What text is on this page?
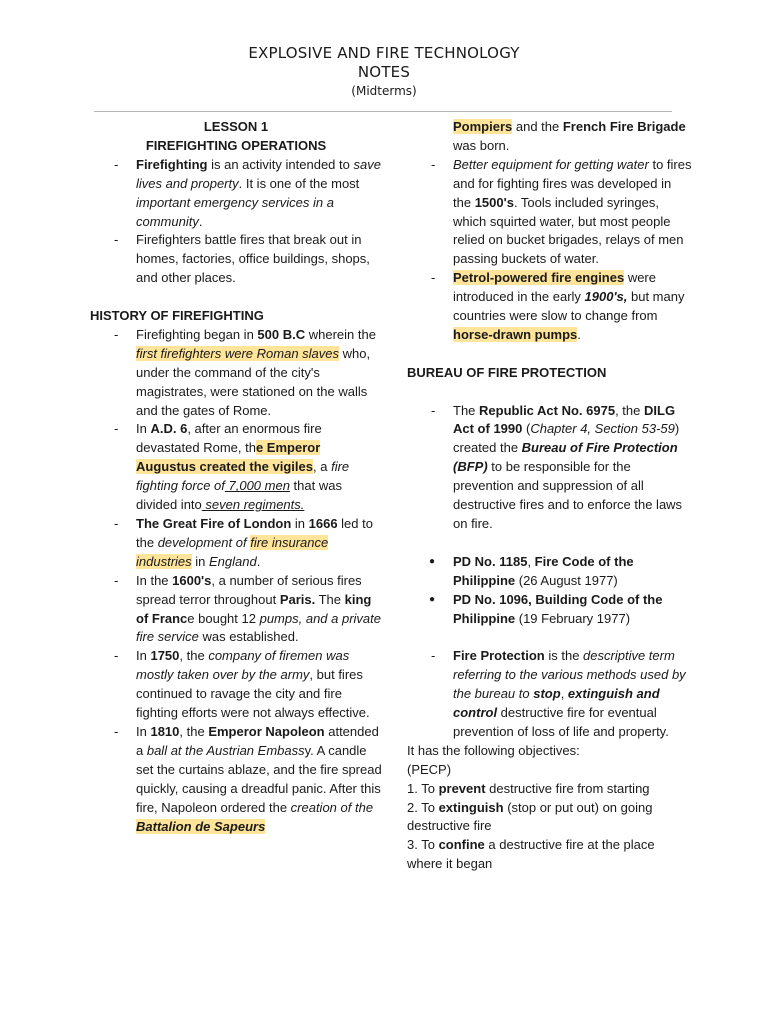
EXPLOSIVE AND FIRE TECHNOLOGY
NOTES
(Midterms)
LESSON 1
FIREFIGHTING OPERATIONS
- Firefighting is an activity intended to save lives and property. It is one of the most important emergency services in a community.
- Firefighters battle fires that break out in homes, factories, office buildings, shops, and other places.
HISTORY OF FIREFIGHTING
- Firefighting began in 500 B.C wherein the first firefighters were Roman slaves who, under the command of the city's magistrates, were stationed on the walls and the gates of Rome.
- In A.D. 6, after an enormous fire devastated Rome, the Emperor Augustus created the vigiles, a fire fighting force of 7,000 men that was divided into seven regiments.
- The Great Fire of London in 1666 led to the development of fire insurance industries in England.
- In the 1600's, a number of serious fires spread terror throughout Paris. The king of France bought 12 pumps, and a private fire service was established.
- In 1750, the company of firemen was mostly taken over by the army, but fires continued to ravage the city and fire fighting efforts were not always effective.
- In 1810, the Emperor Napoleon attended a ball at the Austrian Embassy. A candle set the curtains ablaze, and the fire spread quickly, causing a dreadful panic. After this fire, Napoleon ordered the creation of the Battalion de Sapeurs
Pompiers and the French Fire Brigade was born.
- Better equipment for getting water to fires and for fighting fires was developed in the 1500's. Tools included syringes, which squirted water, but most people relied on bucket brigades, relays of men passing buckets of water.
- Petrol-powered fire engines were introduced in the early 1900's, but many countries were slow to change from horse-drawn pumps.
BUREAU OF FIRE PROTECTION
- The Republic Act No. 6975, the DILG Act of 1990 (Chapter 4, Section 53-59) created the Bureau of Fire Protection (BFP) to be responsible for the prevention and suppression of all destructive fires and to enforce the laws on fire.
● PD No. 1185, Fire Code of the Philippine (26 August 1977)
● PD No. 1096, Building Code of the Philippine (19 February 1977)
- Fire Protection is the descriptive term referring to the various methods used by the bureau to stop, extinguish and control destructive fire for eventual prevention of loss of life and property.
It has the following objectives:
(PECP)
1. To prevent destructive fire from starting
2. To extinguish (stop or put out) on going destructive fire
3. To confine a destructive fire at the place where it began
